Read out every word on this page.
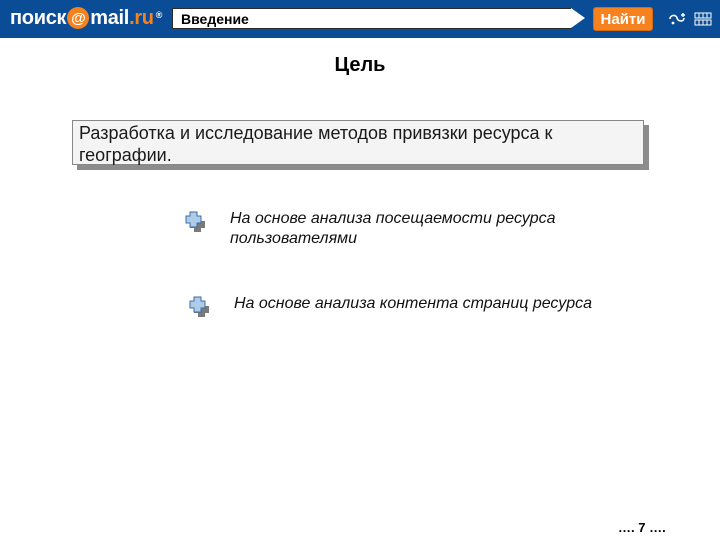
поиск @ mail .ru ®
Введение	Найти
Цель
Разработка и исследование методов привязки ресурса к географии.
На основе анализа посещаемости ресурса пользователями
На основе анализа контента страниц ресурса
…. 7 ….
